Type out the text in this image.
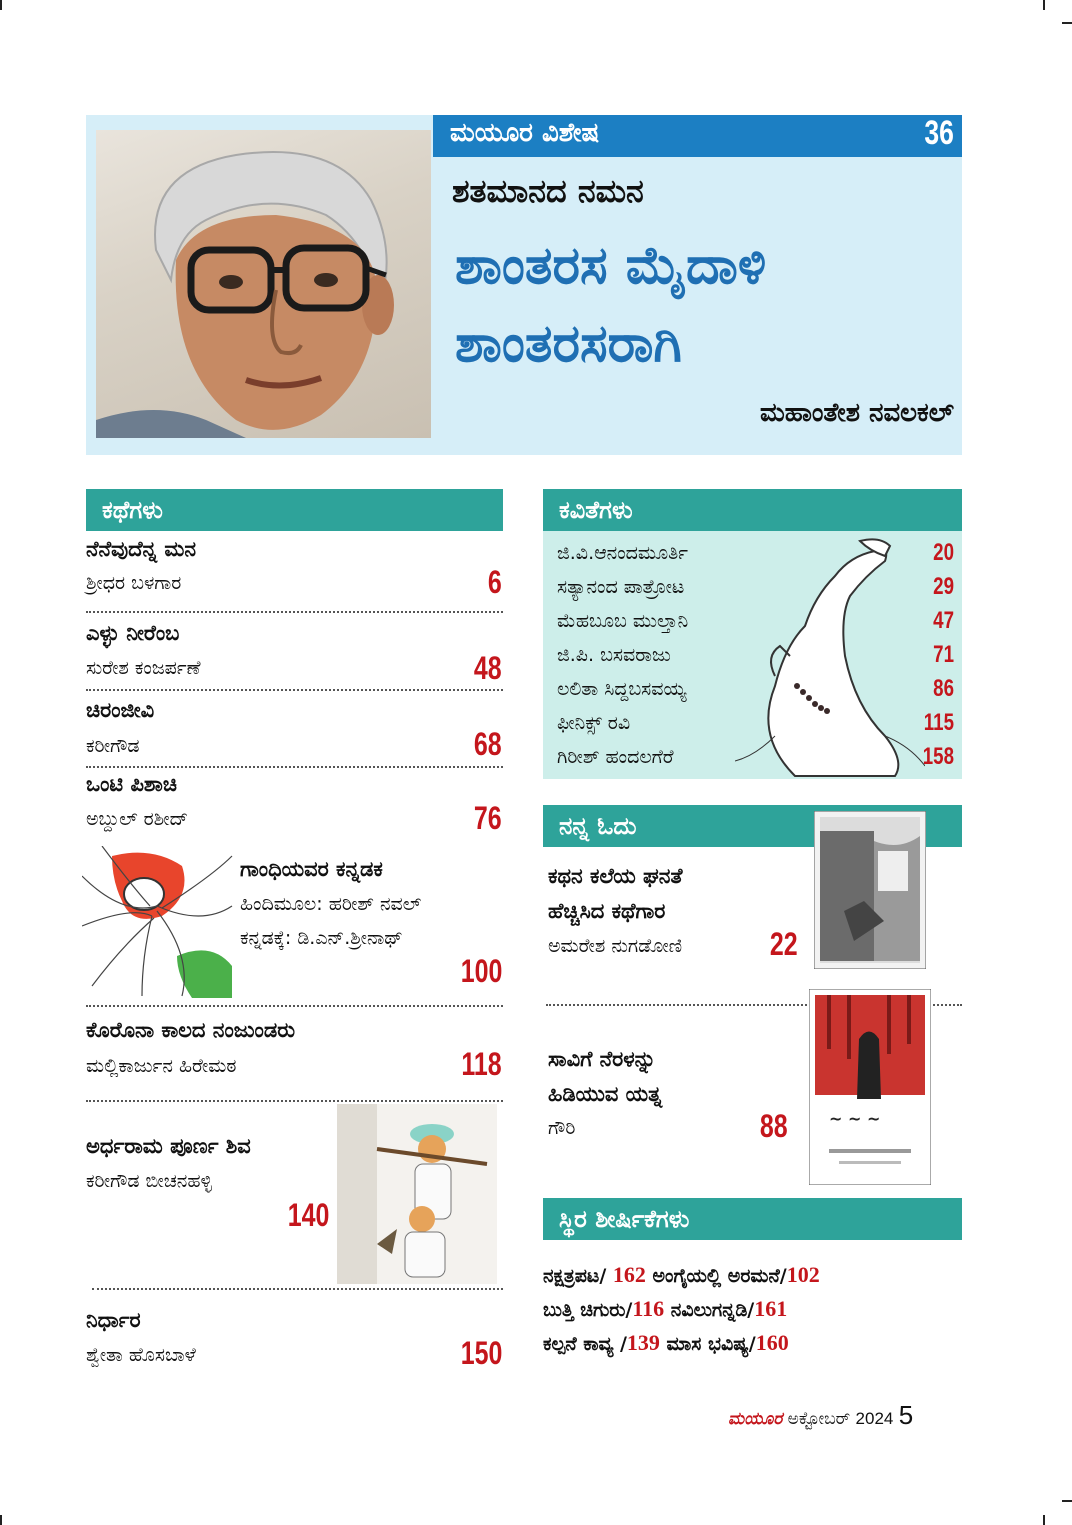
ಮಯೂರ ವಿಶೇಷ	36
ಶತಮಾನದ ನಮನ
ಶಾಂತರಸ ಮೈದಾಳಿ
ಶಾಂತರಸರಾಗಿ
ಮಹಾಂತೇಶ ನವಲಕಲ್
ಕಥೆಗಳು
ನೆನೆವುದೆನ್ನ ಮನ
ಶ್ರೀಧರ ಬಳಗಾರ	6
ಎಳ್ಳು ನೀರೆಂಬ
ಸುರೇಶ ಕಂಜರ್ಪಣೆ	48
ಚಿರಂಜೀವಿ
ಕರೀಗೌಡ	68
ಒಂಟಿ ಪಿಶಾಚಿ
ಅಬ್ದುಲ್ ರಶೀದ್	76
ಗಾಂಧಿಯವರ ಕನ್ನಡಕ
ಹಿಂದಿಮೂಲ: ಹರೀಶ್ ನವಲ್
ಕನ್ನಡಕ್ಕೆ: ಡಿ.ಎನ್.ಶ್ರೀನಾಥ್
100
ಕೊರೊನಾ ಕಾಲದ ನಂಜುಂಡರು
ಮಲ್ಲಿಕಾರ್ಜುನ ಹಿರೇಮಠ	118
ಅರ್ಧರಾಮ ಪೂರ್ಣ ಶಿವ
ಕರೀಗೌಡ ಬೀಚನಹಳ್ಳಿ
140
ನಿರ್ಧಾರ
ಶ್ವೇತಾ ಹೊಸಬಾಳೆ	150
ಕವಿತೆಗಳು
ಜಿ.ವಿ.ಆನಂದಮೂರ್ತಿ	20
ಸತ್ಯಾನಂದ ಪಾತ್ರೋಟ	29
ಮೆಹಬೂಬ ಮುಲ್ತಾನಿ	47
ಜಿ.ಪಿ. ಬಸವರಾಜು	71
ಲಲಿತಾ ಸಿದ್ದಬಸವಯ್ಯ	86
ಫೀನಿಕ್ಸ್ ರವಿ	115
ಗಿರೀಶ್ ಹಂದಲಗೆರೆ	158
ನನ್ನ ಓದು
ಕಥನ ಕಲೆಯ ಘನತೆ
ಹೆಚ್ಚಿಸಿದ ಕಥೆಗಾರ
ಅಮರೇಶ ನುಗಡೋಣಿ	22
~ ~ ~
ಸಾವಿಗೆ ನೆರಳನ್ನು
ಹಿಡಿಯುವ ಯತ್ನ
ಗೌರಿ	88
ಸ್ಥಿರ ಶೀರ್ಷಿಕೆಗಳು
ನಕ್ಷತ್ರಪಟ/ 162 ಅಂಗೈಯಲ್ಲಿ ಅರಮನೆ/102
ಬುತ್ತಿ ಚಿಗುರು/116 ನವಿಲುಗನ್ನಡಿ/161
ಕಲ್ಪನೆ ಕಾವ್ಯ /139 ಮಾಸ ಭವಿಷ್ಯ/160
ಮಯೂರ ಅಕ್ಟೋಬರ್ 2024 5
